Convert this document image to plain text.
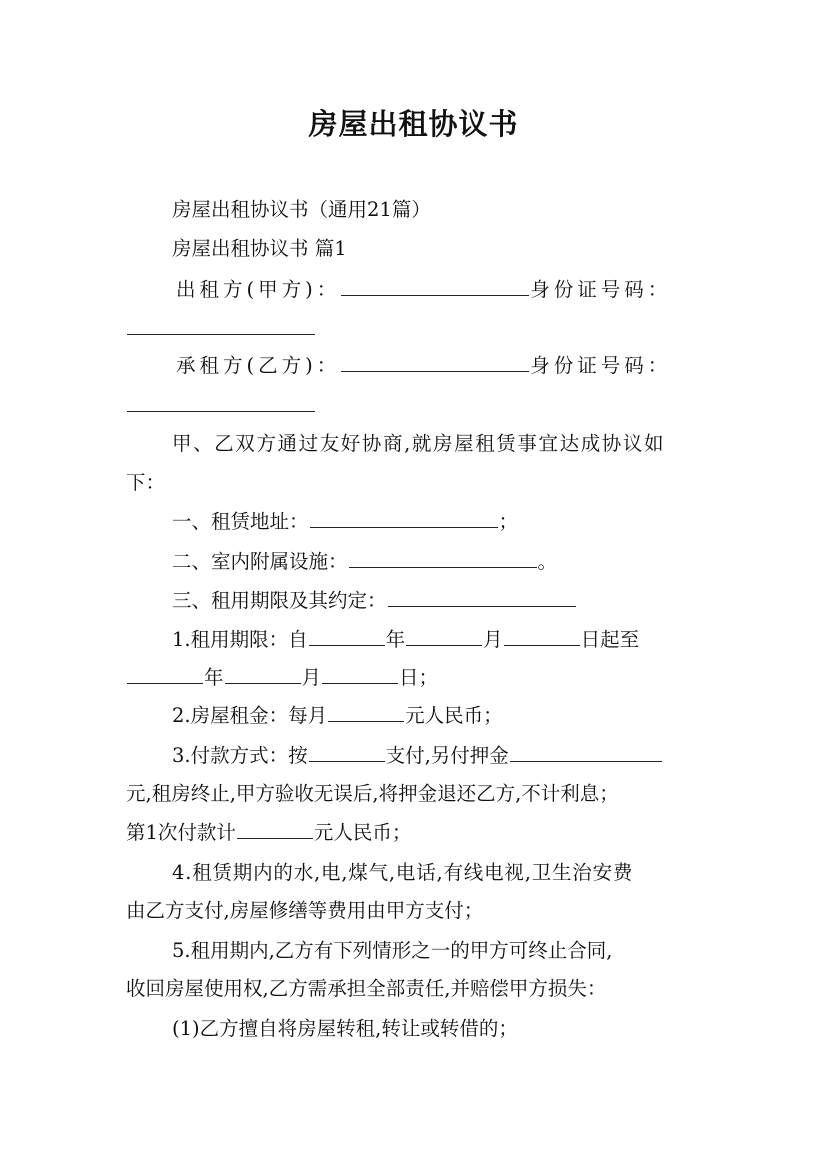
房屋出租协议书
房屋出租协议书（通用21篇）
房屋出租协议书 篇1
出租方(甲方)：	身份证号码：
承租方(乙方)：	身份证号码：
甲、乙双方通过友好协商,就房屋租赁事宜达成协议如
下：
一、租赁地址：	；
二、室内附属设施：	。
三、租用期限及其约定：
1.租用期限：自	年	月	日起至
年	月	日；
2.房屋租金：每月	元人民币；
3.付款方式：按	支付,另付押金
元,租房终止,甲方验收无误后,将押金退还乙方,不计利息；
第1次付款计	元人民币；
4.租赁期内的水,电,煤气,电话,有线电视,卫生治安费
由乙方支付,房屋修缮等费用由甲方支付；
5.租用期内,乙方有下列情形之一的甲方可终止合同,
收回房屋使用权,乙方需承担全部责任,并赔偿甲方损失：
(1)乙方擅自将房屋转租,转让或转借的；
